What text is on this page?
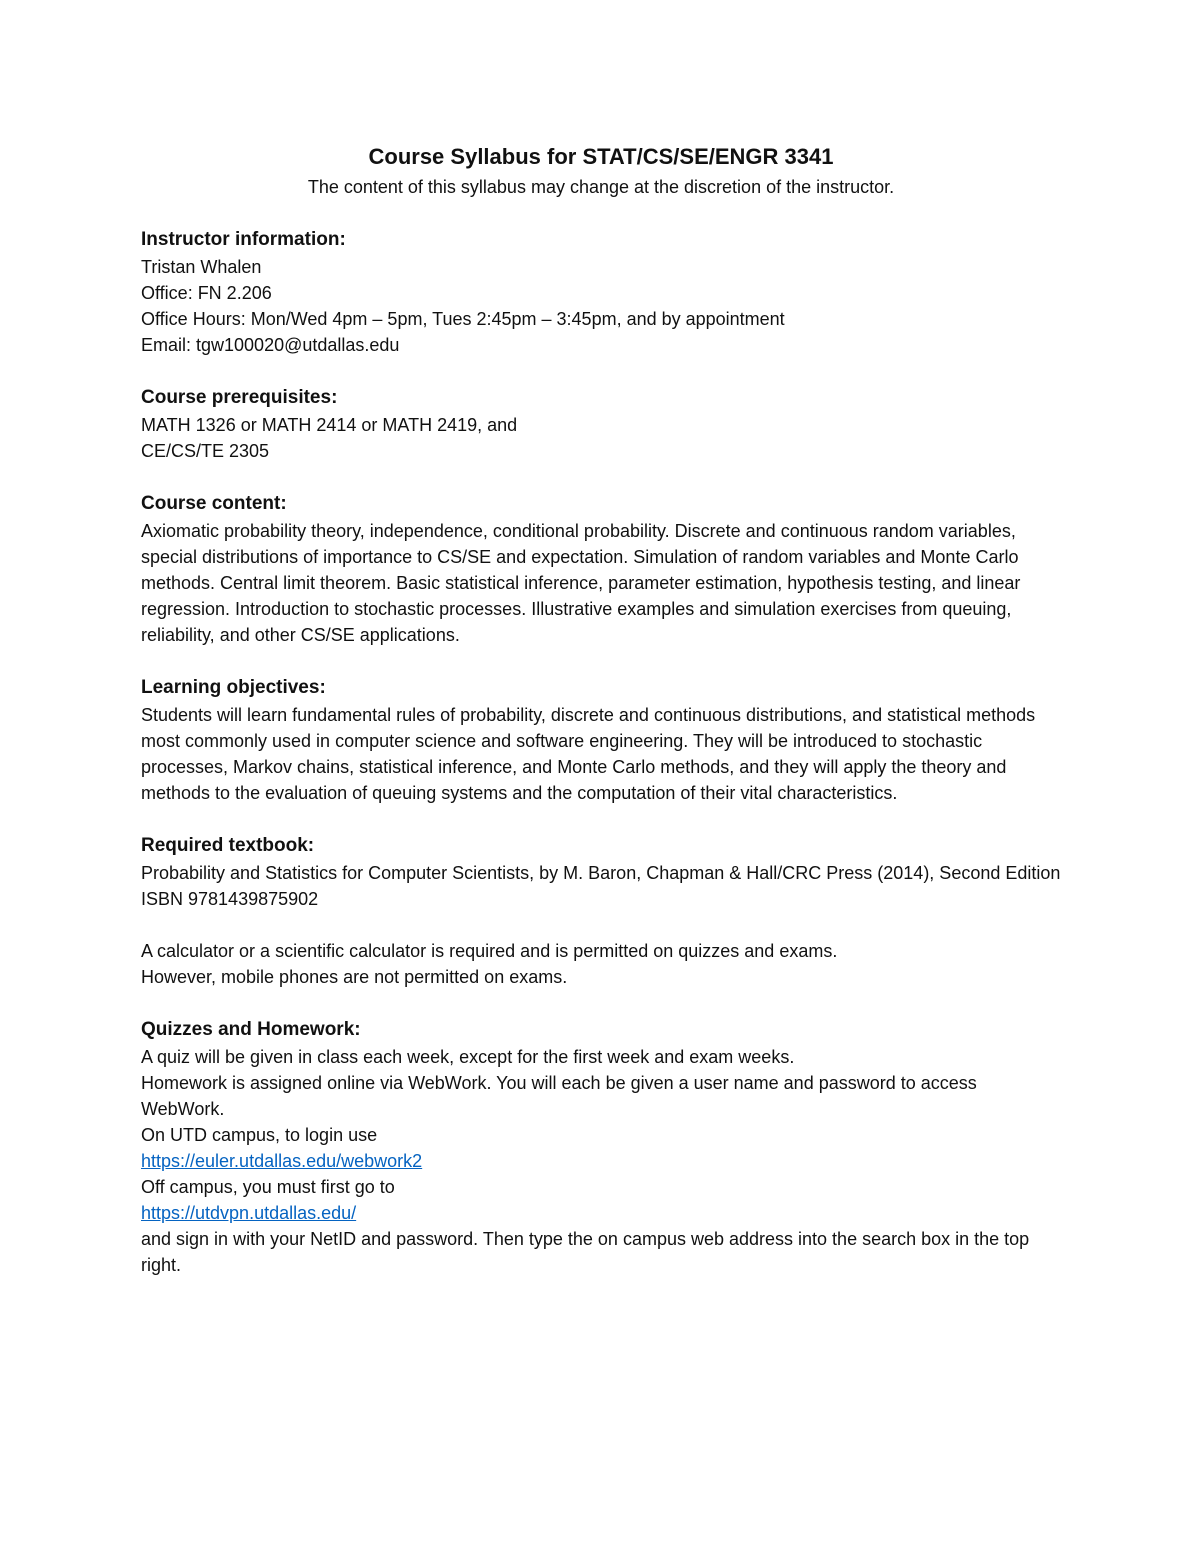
Course Syllabus for STAT/CS/SE/ENGR 3341

The content of this syllabus may change at the discretion of the instructor.

Instructor information:

Tristan Whalen

Office: FN 2.206

Office Hours: Mon/Wed 4pm – 5pm, Tues 2:45pm – 3:45pm, and by appointment

Email: tgw100020@utdallas.edu

Course prerequisites:

MATH 1326 or MATH 2414 or MATH 2419, and

CE/CS/TE 2305

Course content:

Axiomatic probability theory, independence, conditional probability. Discrete and continuous random variables, special distributions of importance to CS/SE and expectation. Simulation of random variables and Monte Carlo methods. Central limit theorem. Basic statistical inference, parameter estimation, hypothesis testing, and linear regression. Introduction to stochastic processes. Illustrative examples and simulation exercises from queuing, reliability, and other CS/SE applications.

Learning objectives:

Students will learn fundamental rules of probability, discrete and continuous distributions, and statistical methods most commonly used in computer science and software engineering. They will be introduced to stochastic processes, Markov chains, statistical inference, and Monte Carlo methods, and they will apply the theory and methods to the evaluation of queuing systems and the computation of their vital characteristics.

Required textbook:

Probability and Statistics for Computer Scientists, by M. Baron, Chapman & Hall/CRC Press (2014), Second Edition ISBN 9781439875902

A calculator or a scientific calculator is required and is permitted on quizzes and exams.

However, mobile phones are not permitted on exams.

Quizzes and Homework:

A quiz will be given in class each week, except for the first week and exam weeks.

Homework is assigned online via WebWork. You will each be given a user name and password to access WebWork.

On UTD campus, to login use

https://euler.utdallas.edu/webwork2

Off campus, you must first go to

https://utdvpn.utdallas.edu/

and sign in with your NetID and password. Then type the on campus web address into the search box in the top right.
